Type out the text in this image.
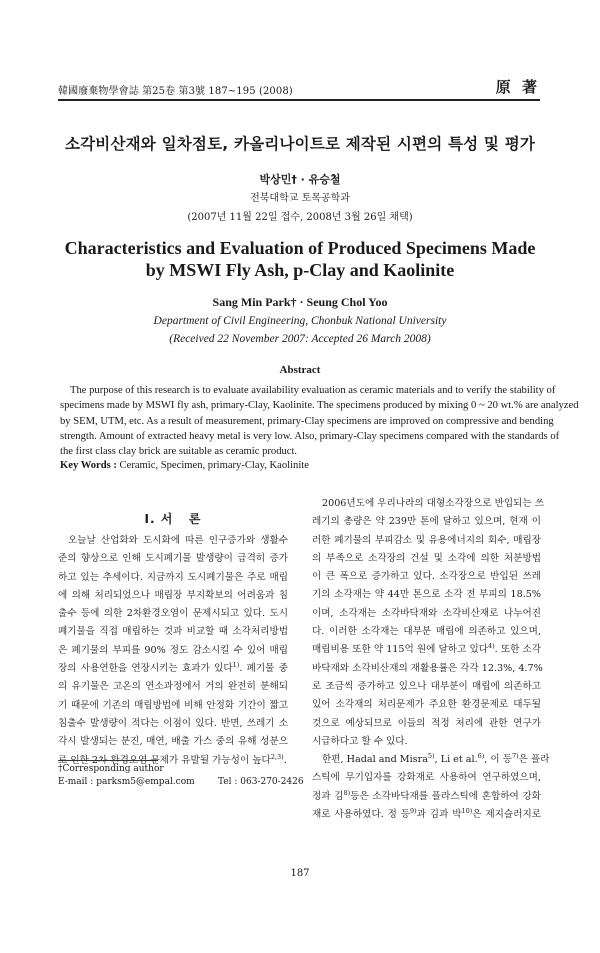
韓國廢棄物學會誌 第25卷 第3號 187~195 (2008)	原 著
소각비산재와 일차점토, 카올리나이트로 제작된 시편의 특성 및 평가
박상민† · 유승철
전북대학교 토목공학과
(2007년 11월 22일 접수, 2008년 3월 26일 채택)
Characteristics and Evaluation of Produced Specimens Made
by MSWI Fly Ash, p-Clay and Kaolinite
Sang Min Park† · Seung Chol Yoo
Department of Civil Engineering, Chonbuk National University
(Received 22 November 2007: Accepted 26 March 2008)
Abstract
The purpose of this research is to evaluate availability evaluation as ceramic materials and to verify the stability of
specimens made by MSWI fly ash, primary-Clay, Kaolinite. The specimens produced by mixing 0 ~ 20 wt.% are analyzed
by SEM, UTM, etc. As a result of measurement, primary-Clay specimens are improved on compressive and bending
strength. Amount of extracted heavy metal is very low. Also, primary-Clay specimens compared with the standards of
the first class clay brick are suitable as ceramic product.
Key Words : Ceramic, Specimen, primary-Clay, Kaolinite
I. 서   론
오늘날 산업화와 도시화에 따른 인구증가와 생활수
준의 향상으로 인해 도시폐기물 발생량이 급격히 증가
하고 있는 추세이다. 지금까지 도시폐기물은 주로 매립
에 의해 처리되었으나 매립장 부지확보의 어려움과 침
출수 등에 의한 2차환경오염이 문제시되고 있다. 도시
폐기물을 직접 매립하는 것과 비교할 때 소각처리방법
은 폐기물의 부피를 90% 정도 감소시킬 수 있어 매립
장의 사용연한을 연장시키는 효과가 있다$^{1)}$. 폐기물 중
의 유기물은 고온의 연소과정에서 거의 완전히 분해되
기 때문에 기존의 매립방법에 비해 안정화 기간이 짧고
침출수 발생량이 적다는 이점이 있다. 반면, 쓰레기 소
각시 발생되는 분진, 매연, 배출 가스 중의 유해 성분으
로 인한 2차 환경오염 문제가 유발될 가능성이 높다$^{2,3)}$.
2006년도에 우리나라의 대형소각장으로 반입되는 쓰
레기의 총량은 약 239만 톤에 달하고 있으며, 현재 이
러한 폐기물의 부피감소 및 유용에너지의 회수, 매립장
의 부족으로 소각장의 건설 및 소각에 의한 처분방법
이 큰 폭으로 증가하고 있다. 소각장으로 반입된 쓰레
기의 소각재는 약 44만 톤으로 소각 전 부피의 18.5%
이며, 소각재는 소각바닥재와 소각비산재로 나누어진
다. 이러한 소각재는 대부분 매립에 의존하고 있으며,
매립비용 또한 약 115억 원에 달하고 있다$^{4)}$. 또한 소각
바닥재와 소각비산재의 재활용률은 각각 12.3%, 4.7%
로 조금씩 증가하고 있으나 대부분이 매립에 의존하고
있어 소각재의 처리문제가 주요한 환경문제로 대두될
것으로 예상되므로 이들의 적정 처리에 관한 연구가
시급하다고 할 수 있다.
한편, Hadal and Misra$^{5)}$, Li et al.$^{6)}$, 이 등$^{7)}$은 플라
스틱에 무기입자를 강화재로 사용하여 연구하였으며,
정과 김$^{8)}$등은 소각바닥재를 플라스틱에 혼합하여 강화
재로 사용하였다. 정 등$^{9)}$과 김과 박$^{10)}$은 제지슬러지로
†Corresponding author
E-mail : parksm5@empal.com	Tel : 063-270-2426
187
